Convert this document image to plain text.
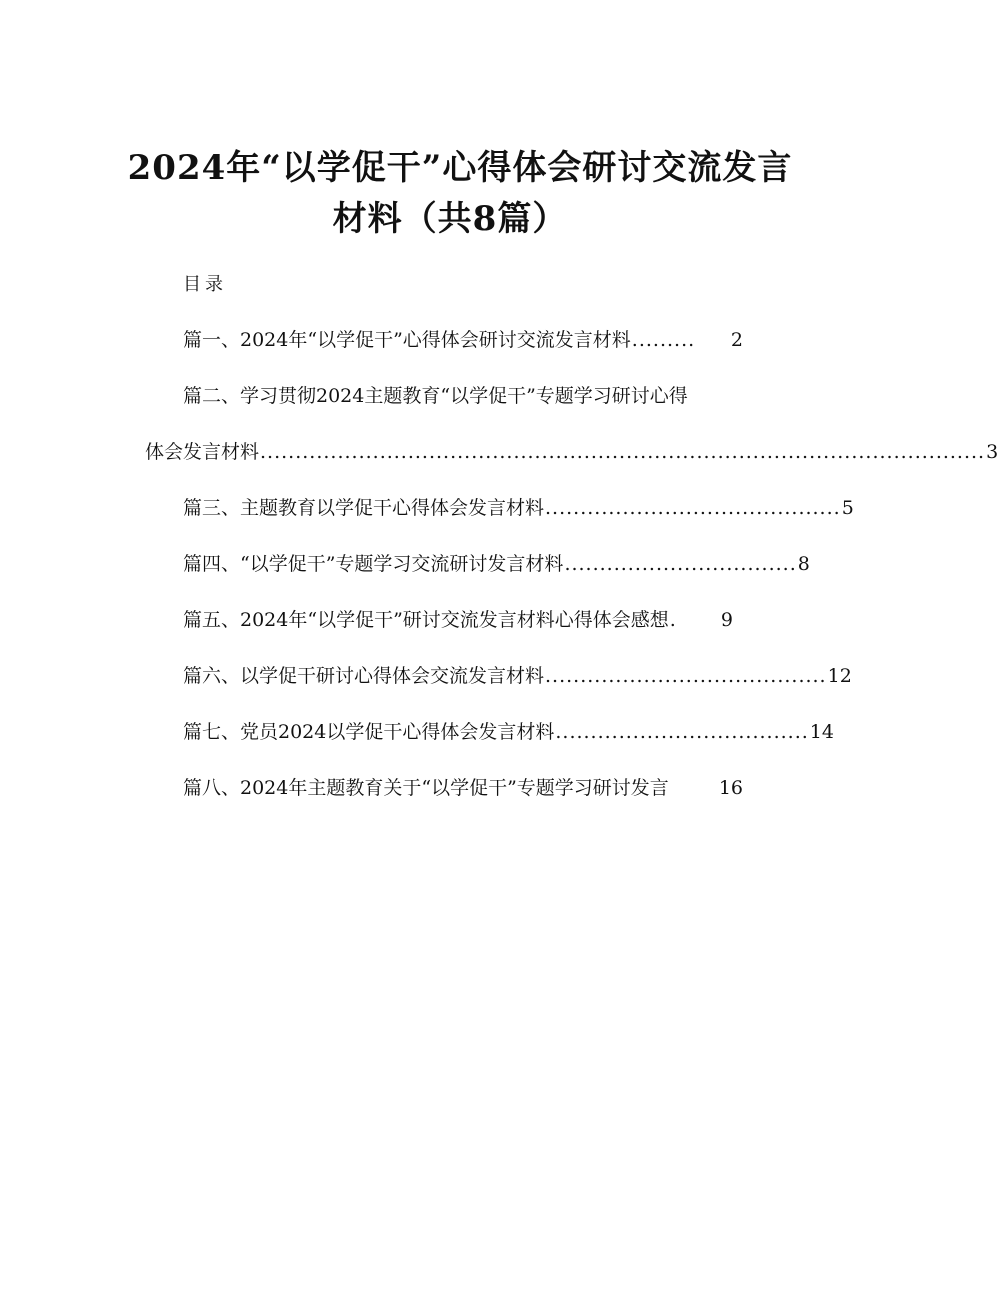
2024年“以学促干”心得体会研讨交流发言
材料（共8篇）
目录
篇一、2024年“以学促干”心得体会研讨交流发言材料 .........	2
篇二、学习贯彻2024主题教育“以学促干”专题学习研讨心得
体会发言材料 ....................................................................................................... 3
篇三、主题教育以学促干心得体会发言材料 .......................................... 5
篇四、“以学促干”专题学习交流研讨发言材料 ................................. 8
篇五、2024年“以学促干”研讨交流发言材料心得体会感想 .	9
篇六、以学促干研讨心得体会交流发言材料 ........................................ 12
篇七、党员2024以学促干心得体会发言材料 .................................... 14
篇八、2024年主题教育关于“以学促干”专题学习研讨发言	16
